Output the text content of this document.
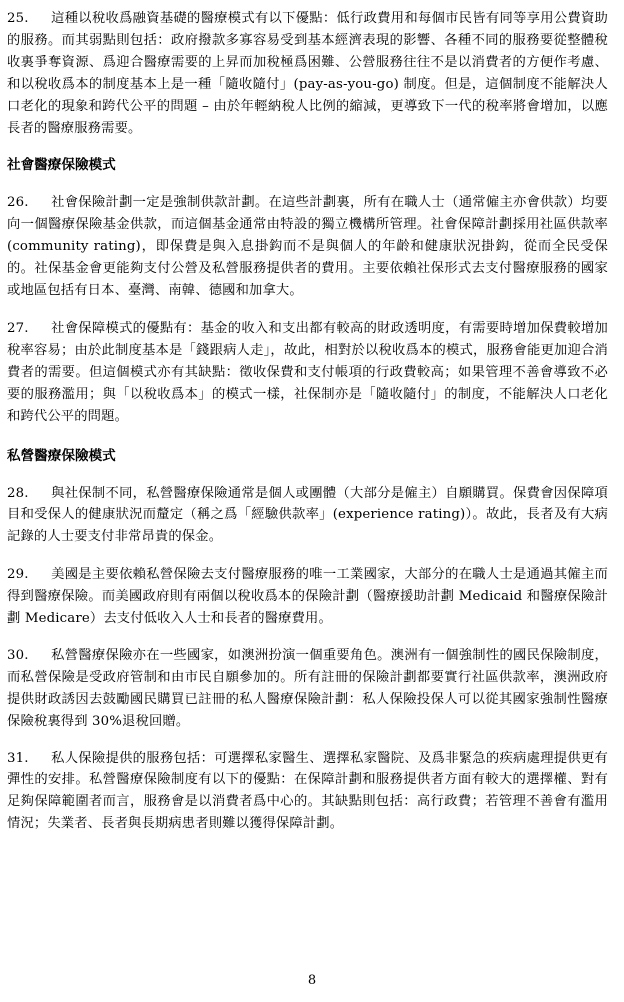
25. 這種以稅收爲融資基礎的醫療模式有以下優點：低行政費用和每個市民皆有同等享用公費資助的服務。而其弱點則包括：政府撥款多寡容易受到基本經濟表現的影響、各種不同的服務要從整體稅收裏爭奪資源、爲迎合醫療需要的上昇而加稅極爲困難、公營服務往往不是以消費者的方便作考慮、和以稅收爲本的制度基本上是一種「隨收隨付」(pay-as-you-go) 制度。但是，這個制度不能解決人口老化的現象和跨代公平的問題 – 由於年輕納稅人比例的縮減，更導致下一代的稅率將會增加，以應長者的醫療服務需要。

社會醫療保險模式

26. 社會保險計劃一定是強制供款計劃。在這些計劃裏，所有在職人士（通常僱主亦會供款）均要向一個醫療保險基金供款，而這個基金通常由特設的獨立機構所管理。社會保障計劃採用社區供款率 (community rating)，即保費是與入息掛鈎而不是與個人的年齡和健康狀況掛鈎，從而全民受保的。社保基金會更能夠支付公營及私營服務提供者的費用。主要依賴社保形式去支付醫療服務的國家或地區包括有日本、臺灣、南韓、德國和加拿大。

27. 社會保障模式的優點有：基金的收入和支出都有較高的財政透明度，有需要時增加保費較增加稅率容易；由於此制度基本是「錢跟病人走」，故此，相對於以稅收爲本的模式，服務會能更加迎合消費者的需要。但這個模式亦有其缺點：徵收保費和支付帳項的行政費較高；如果管理不善會導致不必要的服務濫用；與「以稅收爲本」的模式一樣，社保制亦是「隨收隨付」的制度，不能解決人口老化和跨代公平的問題。

私營醫療保險模式

28. 與社保制不同，私營醫療保險通常是個人或團體（大部分是僱主）自願購買。保費會因保障項目和受保人的健康狀況而釐定（稱之爲「經驗供款率」(experience rating)）。故此，長者及有大病記錄的人士要支付非常昂貴的保金。

29. 美國是主要依賴私營保險去支付醫療服務的唯一工業國家，大部分的在職人士是通過其僱主而得到醫療保險。而美國政府則有兩個以稅收爲本的保險計劃（醫療援助計劃 Medicaid 和醫療保險計劃 Medicare）去支付低收入人士和長者的醫療費用。

30. 私營醫療保險亦在一些國家，如澳洲扮演一個重要角色。澳洲有一個強制性的國民保險制度，而私營保險是受政府管制和由市民自願參加的。所有註冊的保險計劃都要實行社區供款率，澳洲政府提供財政誘因去鼓勵國民購買已註冊的私人醫療保險計劃：私人保險投保人可以從其國家強制性醫療保險稅裏得到 30%退稅回贈。

31. 私人保險提供的服務包括：可選擇私家醫生、選擇私家醫院、及爲非緊急的疾病處理提供更有彈性的安排。私營醫療保險制度有以下的優點：在保障計劃和服務提供者方面有較大的選擇權、對有足夠保障範圍者而言，服務會是以消費者爲中心的。其缺點則包括：高行政費；若管理不善會有濫用情況；失業者、長者與長期病患者則難以獲得保障計劃。

8
